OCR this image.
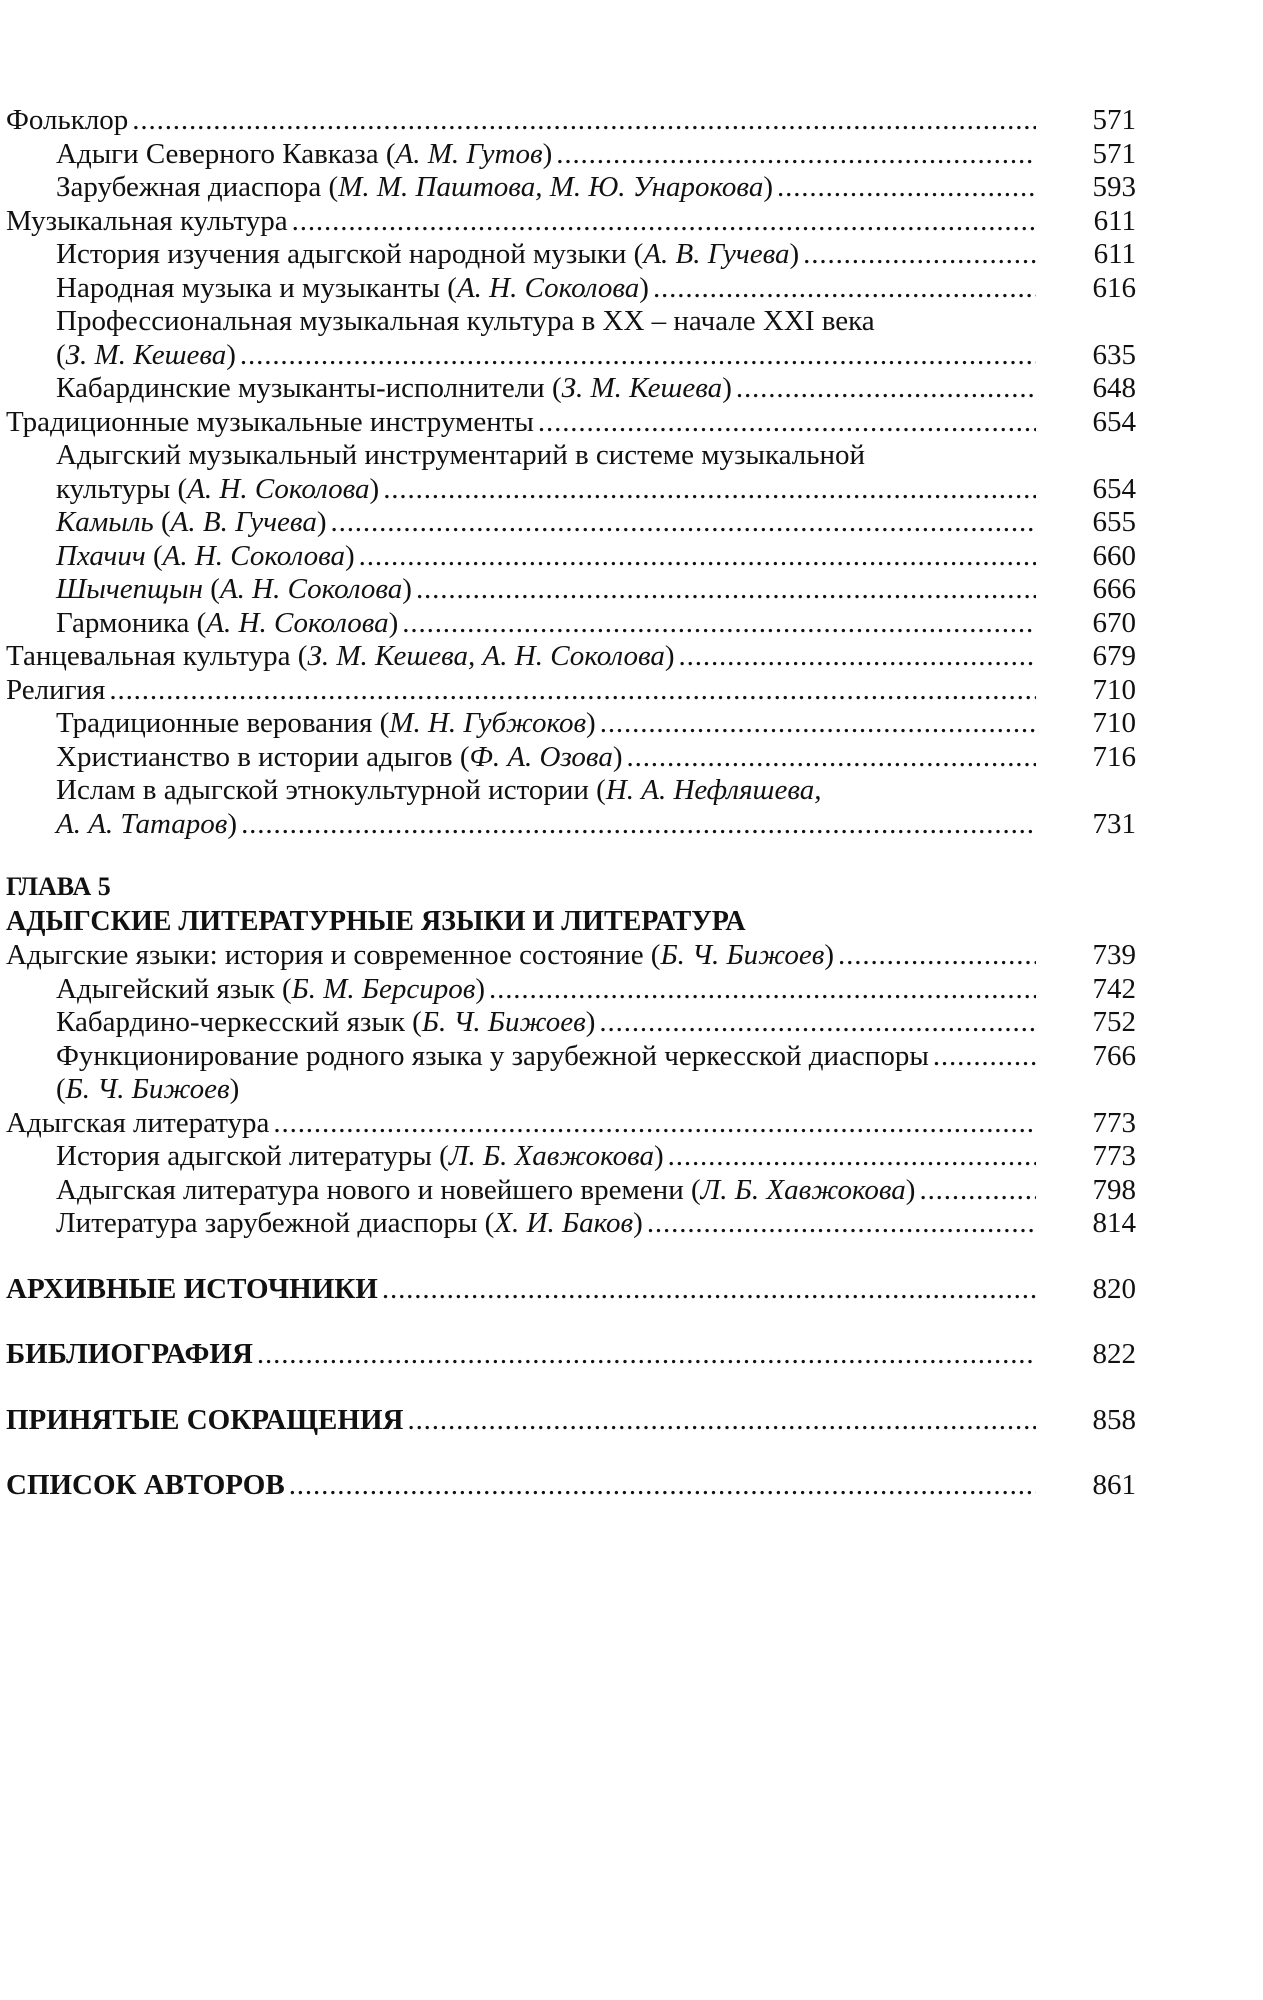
Фольклор . . .	571
Адыги Северного Кавказа (А. М. Гутов) . . .	571
Зарубежная диаспора (М. М. Паштова, М. Ю. Унарокова) . . .	593
Музыкальная культура . . .	611
История изучения адыгской народной музыки (А. В. Гучева) . . .	611
Народная музыка и музыканты (А. Н. Соколова) . . .	616
Профессиональная музыкальная культура в XX – начале XXI века
(З. М. Кешева) . . .	635
Кабардинские музыканты-исполнители (З. М. Кешева) . . .	648
Традиционные музыкальные инструменты . . .	654
Адыгский музыкальный инструментарий в системе музыкальной
культуры (А. Н. Соколова) . . .	654
Камыль (А. В. Гучева) . . .	655
Пхачич (А. Н. Соколова) . . .	660
Шычепщын (А. Н. Соколова) . . .	666
Гармоника (А. Н. Соколова) . . .	670
Танцевальная культура (З. М. Кешева, А. Н. Соколова) . . .	679
Религия . . .	710
Традиционные верования (М. Н. Губжоков) . . .	710
Христианство в истории адыгов (Ф. А. Озова) . . .	716
Ислам в адыгской этнокультурной истории (Н. А. Нефляшева,
А. А. Татаров) . . .	731
ГЛАВА 5
АДЫГСКИЕ ЛИТЕРАТУРНЫЕ ЯЗЫКИ И ЛИТЕРАТУРА
Адыгские языки: история и современное состояние (Б. Ч. Бижоев) . . .	739
Адыгейский язык (Б. М. Берсиров) . . .	742
Кабардино-черкесский язык (Б. Ч. Бижоев) . . .	752
Функционирование родного языка у зарубежной черкесской диаспоры . . .	766
(Б. Ч. Бижоев)
Адыгская литература . . .	773
История адыгской литературы (Л. Б. Хавжокова) . . .	773
Адыгская литература нового и новейшего времени (Л. Б. Хавжокова) . . .	798
Литература зарубежной диаспоры (Х. И. Баков) . . .	814
АРХИВНЫЕ ИСТОЧНИКИ . . .	820
БИБЛИОГРАФИЯ . . .	822
ПРИНЯТЫЕ СОКРАЩЕНИЯ . . .	858
СПИСОК АВТОРОВ . . .	861
